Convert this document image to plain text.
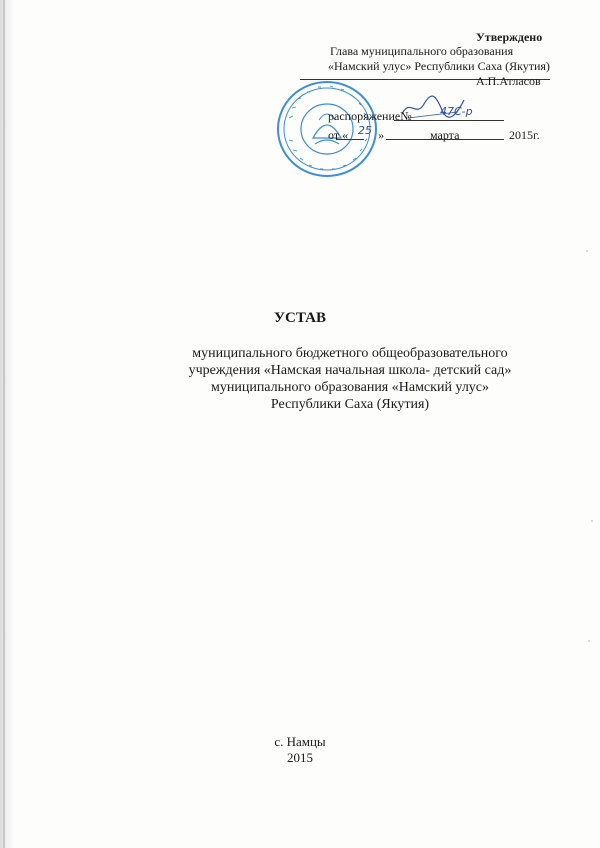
Утверждено
Глава муниципального образования
«Намский улус» Республики Саха (Якутия)
А.П.Атласов
распоряжение№	47С-р
от «	»
25	марта	2015г.
УСТАВ
муниципального бюджетного общеобразовательного
учреждения «Намская начальная школа- детский сад»
муниципального образования «Намский улус»
Республики Саха (Якутия)
с. Намцы
2015
